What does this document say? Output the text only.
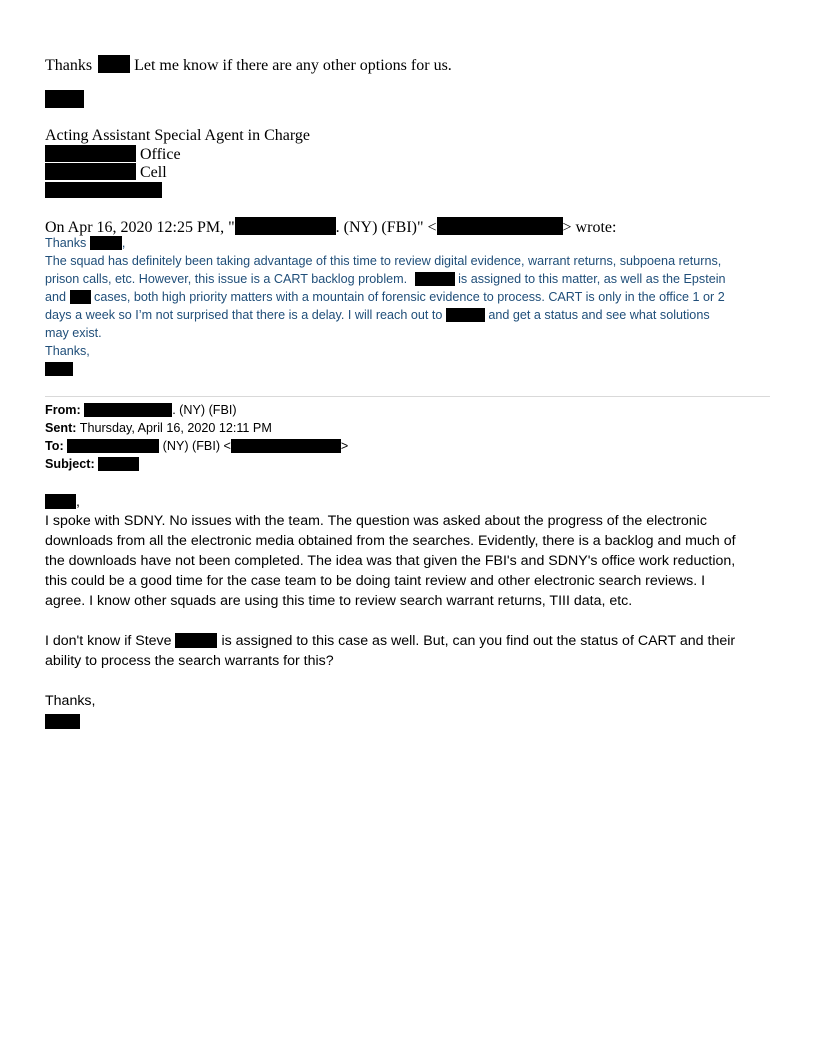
Thanks . Let me know if there are any other options for us.
Acting Assistant Special Agent in Charge
Office
Cell
On Apr 16, 2020 12:25 PM, "	. (NY) (FBI)" <	> wrote:
Thanks	,
The squad has definitely been taking advantage of this time to review digital evidence, warrant returns, subpoena returns,
prison calls, etc. However, this issue is a CART backlog problem.	is assigned to this matter, as well as the Epstein
and cases, both high priority matters with a mountain of forensic evidence to process. CART is only in the office 1 or 2
days a week so I’m not surprised that there is a delay. I will reach out to	and get a status and see what solutions
may exist.
Thanks,
From:	. (NY) (FBI)
Sent: Thursday, April 16, 2020 12:11 PM
To:	(NY) (FBI) <	>
Subject:
,
I spoke with SDNY. No issues with the team. The question was asked about the progress of the electronic
downloads from all the electronic media obtained from the searches. Evidently, there is a backlog and much of
the downloads have not been completed. The idea was that given the FBI's and SDNY's office work reduction,
this could be a good time for the case team to be doing taint review and other electronic search reviews. I
agree. I know other squads are using this time to review search warrant returns, TIII data, etc.
I don't know if Steve	is assigned to this case as well. But, can you find out the status of CART and their
ability to process the search warrants for this?
Thanks,
